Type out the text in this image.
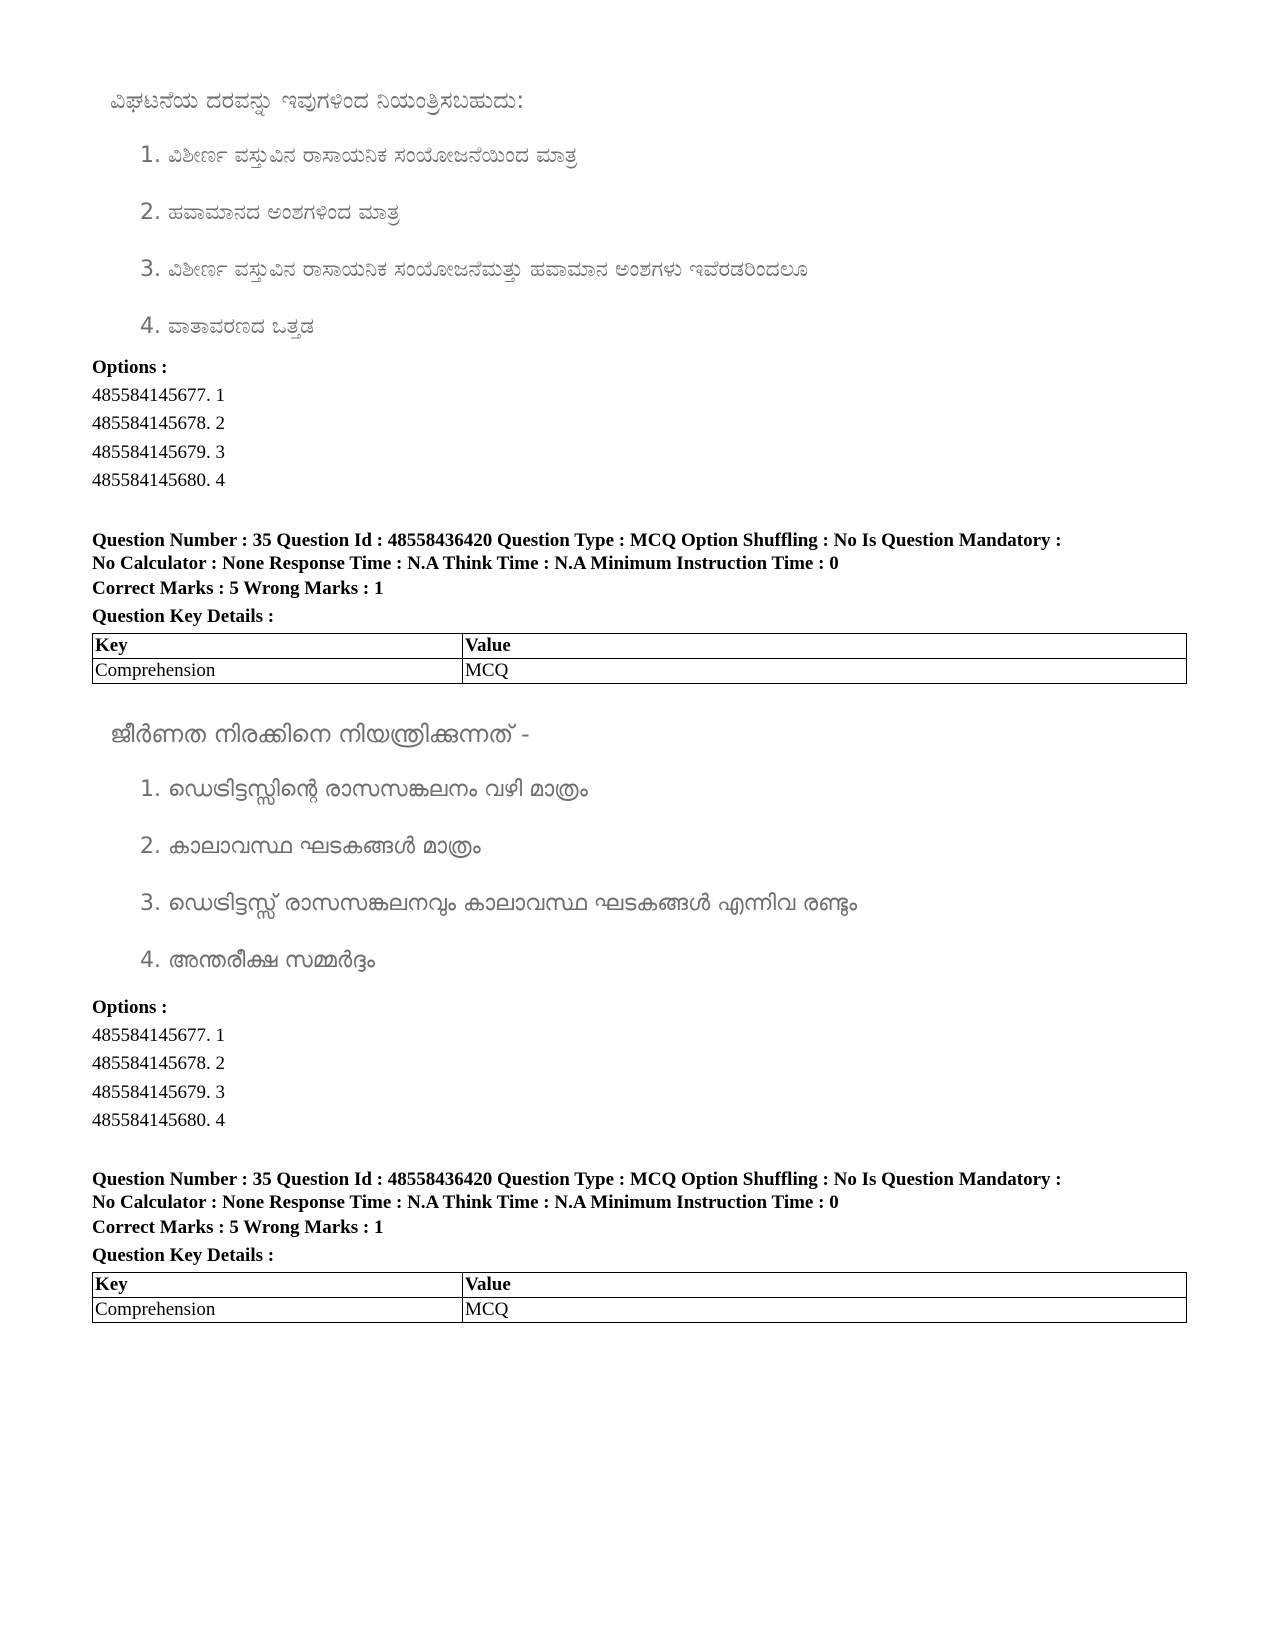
ವಿಘಟನೆಯ ದರವನ್ನು ಇವುಗಳಿಂದ ನಿಯಂತ್ರಿಸಬಹುದು:
1. ವಿಶೀರ್ಣ ವಸ್ತುವಿನ ರಾಸಾಯನಿಕ ಸಂಯೋಜನೆಯಿಂದ ಮಾತ್ರ
2. ಹವಾಮಾನದ ಅಂಶಗಳಿಂದ ಮಾತ್ರ
3. ವಿಶೀರ್ಣ ವಸ್ತುವಿನ ರಾಸಾಯನಿಕ ಸಂಯೋಜನೆಮತ್ತು ಹವಾಮಾನ ಅಂಶಗಳು ಇವೆರಡರಿಂದಲೂ
4. ವಾತಾವರಣದ ಒತ್ತಡ

Options :

485584145677. 1

485584145678. 2

485584145679. 3

485584145680. 4

Question Number : 35 Question Id : 48558436420 Question Type : MCQ Option Shuffling : No Is Question Mandatory :

No Calculator : None Response Time : N.A Think Time : N.A Minimum Instruction Time : 0

Correct Marks : 5 Wrong Marks : 1

Question Key Details :

Key	Value
Comprehension	MCQ
ജീർണത നിരക്കിനെ നിയന്ത്രിക്കുന്നത് -
1. ഡെട്രിട്ടസ്സിന്റെ രാസസങ്കലനം വഴി മാത്രം
2. കാലാവസ്ഥ ഘടകങ്ങൾ മാത്രം
3. ഡെട്രിട്ടസ്സ് രാസസങ്കലനവും കാലാവസ്ഥ ഘടകങ്ങൾ എന്നിവ രണ്ടും
4. അന്തരീക്ഷ സമ്മർദ്ദം

Options :

485584145677. 1

485584145678. 2

485584145679. 3

485584145680. 4

Question Number : 35 Question Id : 48558436420 Question Type : MCQ Option Shuffling : No Is Question Mandatory :

No Calculator : None Response Time : N.A Think Time : N.A Minimum Instruction Time : 0

Correct Marks : 5 Wrong Marks : 1

Question Key Details :

Key	Value
Comprehension	MCQ
